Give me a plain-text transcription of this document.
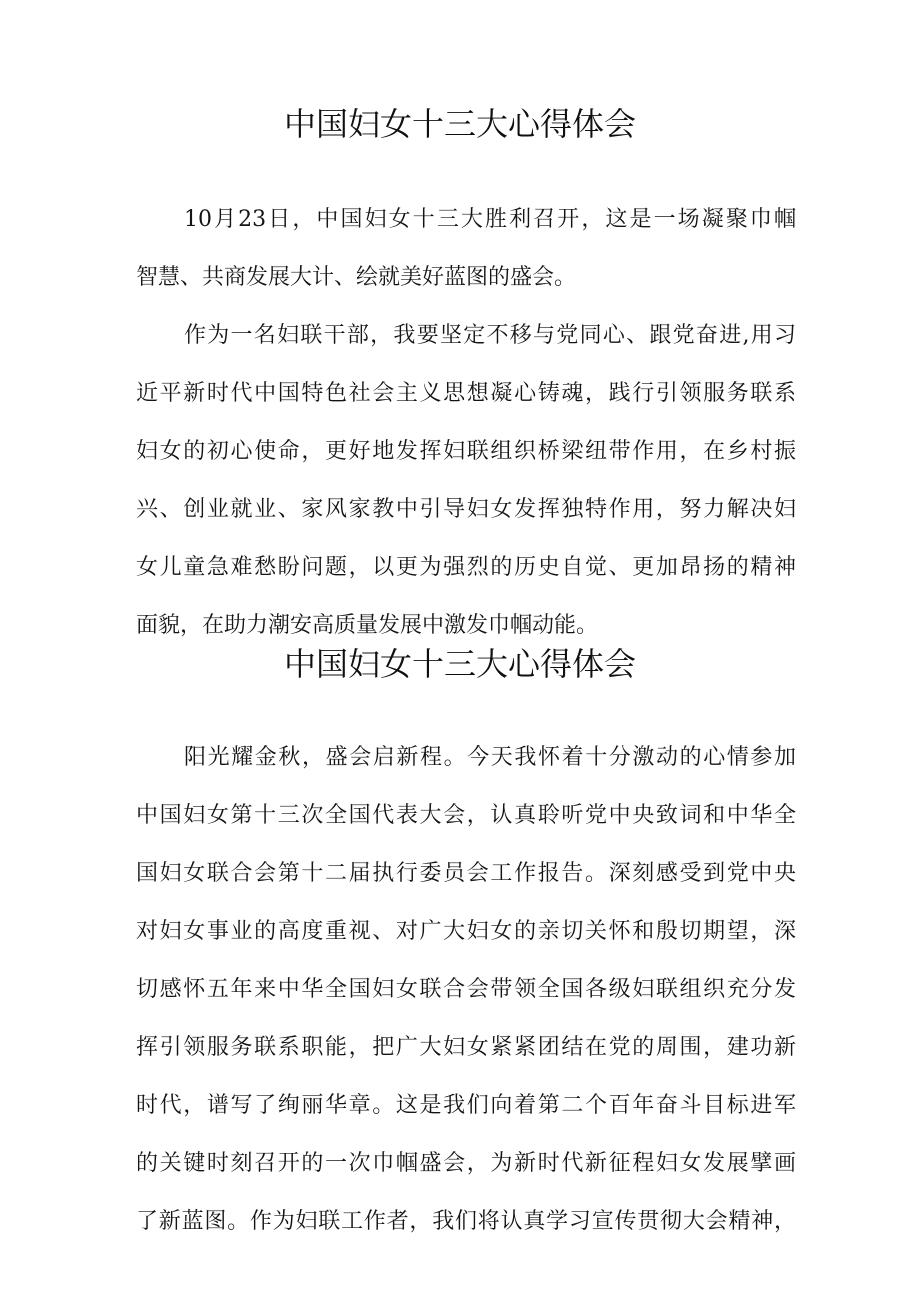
中国妇女十三大心得体会
10月23日，中国妇女十三大胜利召开，这是一场凝聚巾帼
智慧、共商发展大计、绘就美好蓝图的盛会。
作为一名妇联干部，我要坚定不移与党同心、跟党奋进,用习
近平新时代中国特色社会主义思想凝心铸魂，践行引领服务联系
妇女的初心使命，更好地发挥妇联组织桥梁纽带作用，在乡村振
兴、创业就业、家风家教中引导妇女发挥独特作用，努力解决妇
女儿童急难愁盼问题，以更为强烈的历史自觉、更加昂扬的精神
面貌，在助力潮安高质量发展中激发巾帼动能。
中国妇女十三大心得体会
阳光耀金秋，盛会启新程。今天我怀着十分激动的心情参加
中国妇女第十三次全国代表大会，认真聆听党中央致词和中华全
国妇女联合会第十二届执行委员会工作报告。深刻感受到党中央
对妇女事业的高度重视、对广大妇女的亲切关怀和殷切期望，深
切感怀五年来中华全国妇女联合会带领全国各级妇联组织充分发
挥引领服务联系职能，把广大妇女紧紧团结在党的周围，建功新
时代，谱写了绚丽华章。这是我们向着第二个百年奋斗目标进军
的关键时刻召开的一次巾帼盛会，为新时代新征程妇女发展擘画
了新蓝图。作为妇联工作者，我们将认真学习宣传贯彻大会精神，
